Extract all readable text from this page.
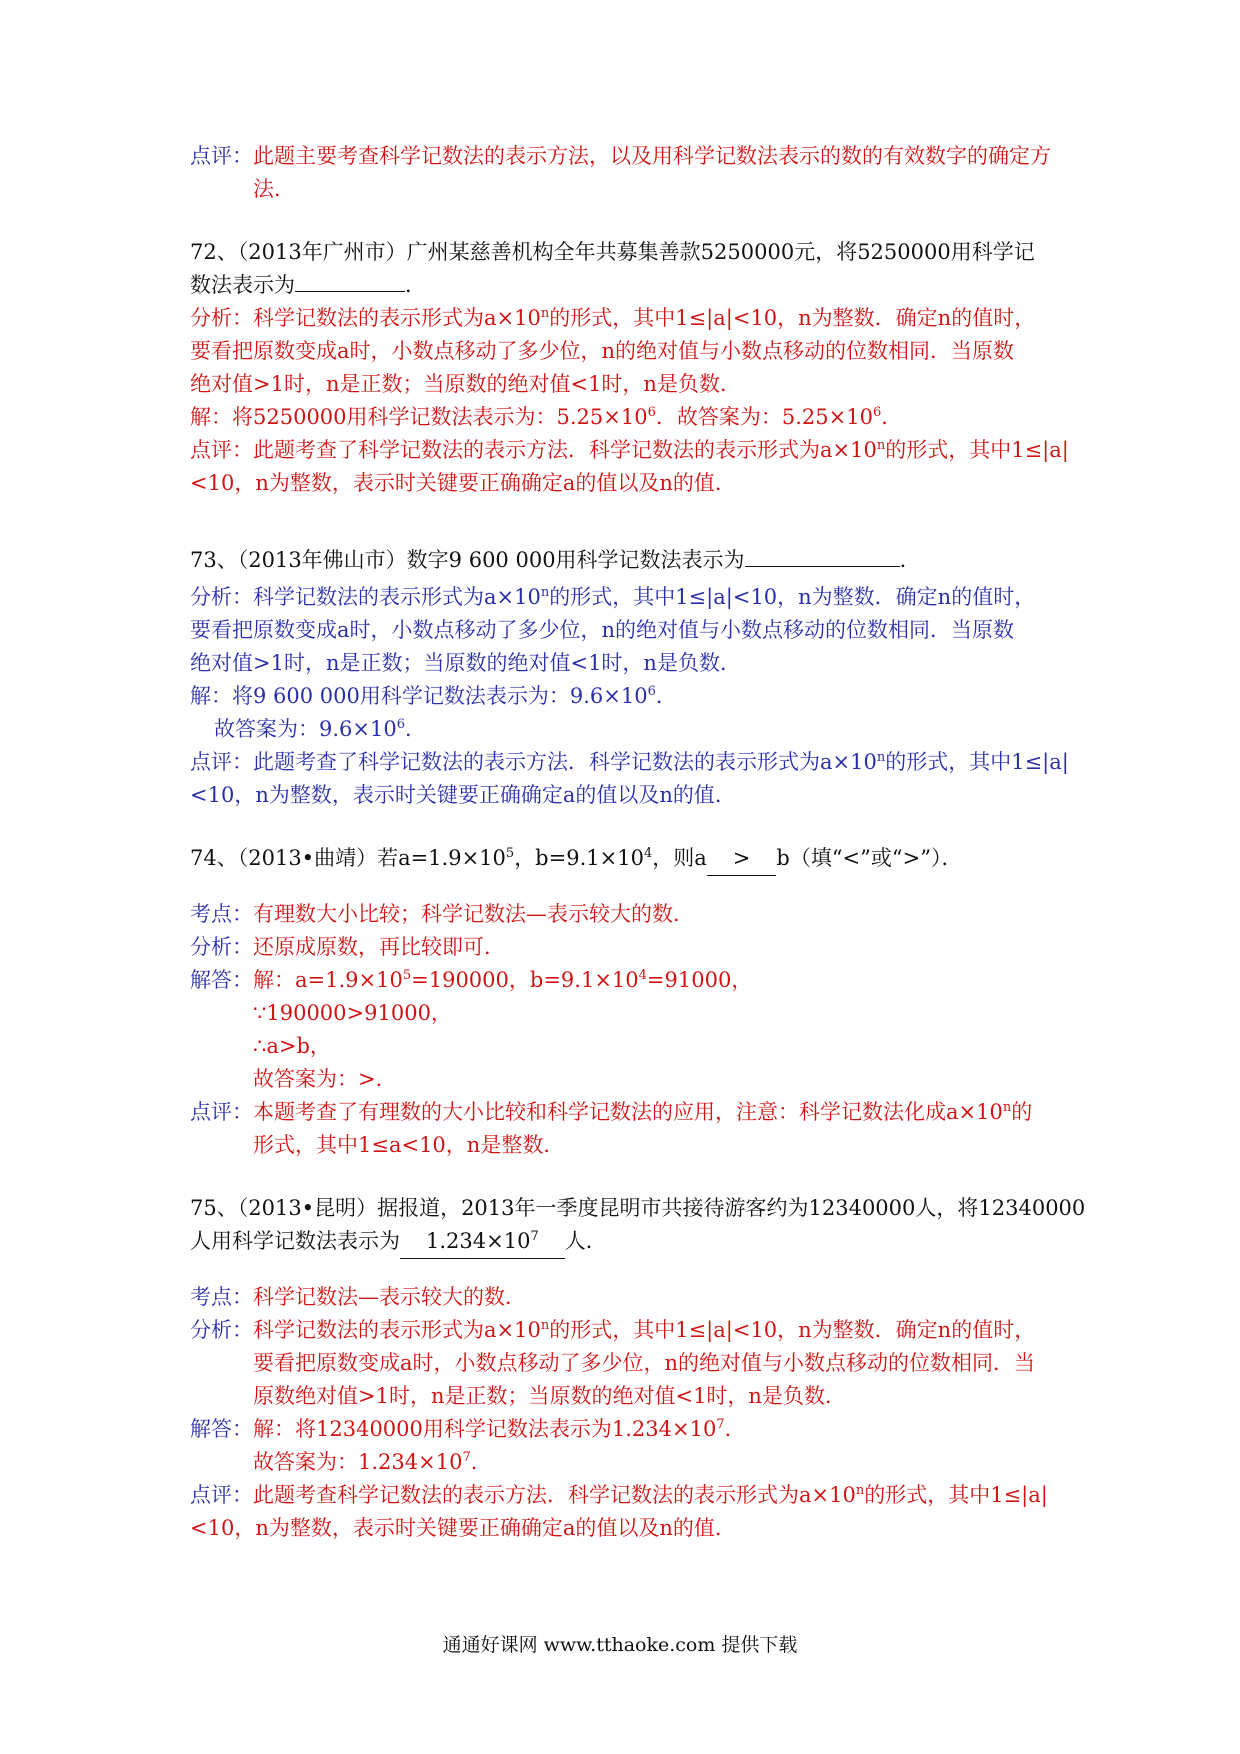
点评： 此题主要考查科学记数法的表示方法，以及用科学记数法表示的数的有效数字的确定方法．
72、（2013年广州市）广州某慈善机构全年共募集善款5250000元，将5250000用科学记
数法表示为	．
分析：科学记数法的表示形式为$a\times 10^n$的形式，其中1≤|a|<10，n为整数．确定n的值时，
要看把原数变成a时，小数点移动了多少位，n的绝对值与小数点移动的位数相同．当原数
绝对值>1时，n是正数；当原数的绝对值<1时，n是负数．
解：将5250000用科学记数法表示为：$5.25\times 10^6$．故答案为：$5.25\times 10^6$．
点评：此题考查了科学记数法的表示方法．科学记数法的表示形式为$a\times 10^n$的形式，其中1≤|a|
<10，n为整数，表示时关键要正确确定a的值以及n的值．
73、（2013年佛山市）数字9 600 000用科学记数法表示为	．
分析：科学记数法的表示形式为$a\times 10^n$的形式，其中1≤|a|<10，n为整数．确定n的值时，
要看把原数变成a时，小数点移动了多少位，n的绝对值与小数点移动的位数相同．当原数
绝对值>1时，n是正数；当原数的绝对值<1时，n是负数．
解：将9 600 000用科学记数法表示为：$9.6\times 10^6$．
故答案为：$9.6\times 10^6$．
点评：此题考查了科学记数法的表示方法．科学记数法的表示形式为$a\times 10^n$的形式，其中1≤|a|
<10，n为整数，表示时关键要正确确定a的值以及n的值．
74、（2013•曲靖）若$a=1.9\times 10^5$，$b=9.1\times 10^4$，则a > b（填“<”或“>”）．
考点： 有理数大小比较；科学记数法—表示较大的数．
分析： 还原成原数，再比较即可．
解答： 解：$a=1.9\times 10^5=190000$，$b=9.1\times 10^4=91000$，
∵190000>91000，
∴a>b，
故答案为：>．
点评： 本题考查了有理数的大小比较和科学记数法的应用，注意：科学记数法化成$a\times 10^n$的
形式，其中1≤a<10，n是整数．
75、（2013•昆明）据报道，2013年一季度昆明市共接待游客约为12340000人，将12340000
人用科学记数法表示为 $1.234\times 10^7$ 人．
考点： 科学记数法—表示较大的数．
分析： 科学记数法的表示形式为$a\times 10^n$的形式，其中1≤|a|<10，n为整数．确定n的值时，
要看把原数变成a时，小数点移动了多少位，n的绝对值与小数点移动的位数相同．当
原数绝对值>1时，n是正数；当原数的绝对值<1时，n是负数．
解答： 解：将12340000用科学记数法表示为$1.234\times 10^7$．
故答案为：$1.234\times 10^7$．
点评： 此题考查科学记数法的表示方法．科学记数法的表示形式为$a\times 10^n$的形式，其中1≤|a|
<10，n为整数，表示时关键要正确确定a的值以及n的值．
通通好课网 www.tthaoke.com 提供下载
